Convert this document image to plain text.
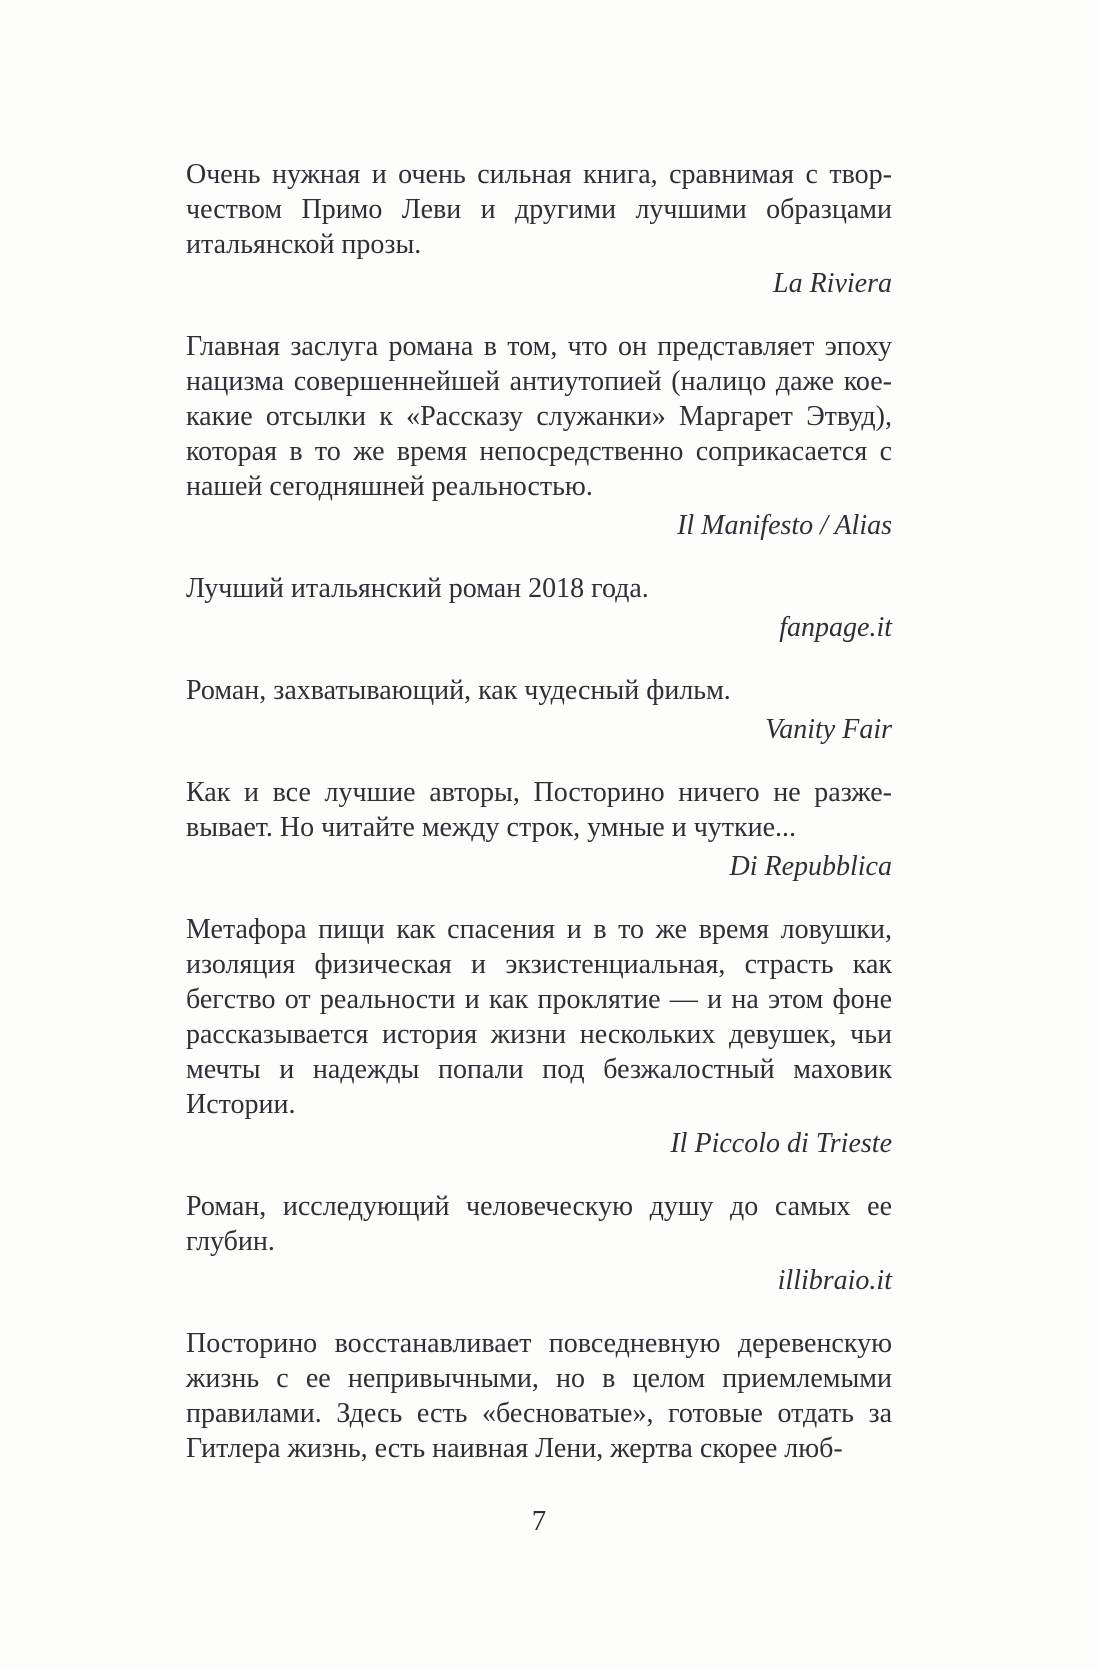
Очень нужная и очень сильная книга, сравнимая с творчеством Примо Леви и другими лучшими образцами итальянской прозы.

La Riviera

Главная заслуга романа в том, что он представляет эпоху нацизма совершеннейшей антиутопией (налицо даже кое-какие отсылки к «Рассказу служанки» Маргарет Этвуд), которая в то же время непосредственно соприкасается с нашей сегодняшней реальностью.

Il Manifesto / Alias

Лучший итальянский роман 2018 года.

fanpage.it

Роман, захватывающий, как чудесный фильм.

Vanity Fair

Как и все лучшие авторы, Посторино ничего не разжевывает. Но читайте между строк, умные и чуткие...

Di Repubblica

Метафора пищи как спасения и в то же время ловушки, изоляция физическая и экзистенциальная, страсть как бегство от реальности и как проклятие — и на этом фоне рассказывается история жизни нескольких девушек, чьи мечты и надежды попали под безжалостный маховик Истории.

Il Piccolo di Trieste

Роман, исследующий человеческую душу до самых ее глубин.

illibraio.it

Посторино восстанавливает повседневную деревенскую жизнь с ее непривычными, но в целом приемлемыми правилами. Здесь есть «бесноватые», готовые отдать за Гитлера жизнь, есть наивная Лени, жертва скорее люб-

7
